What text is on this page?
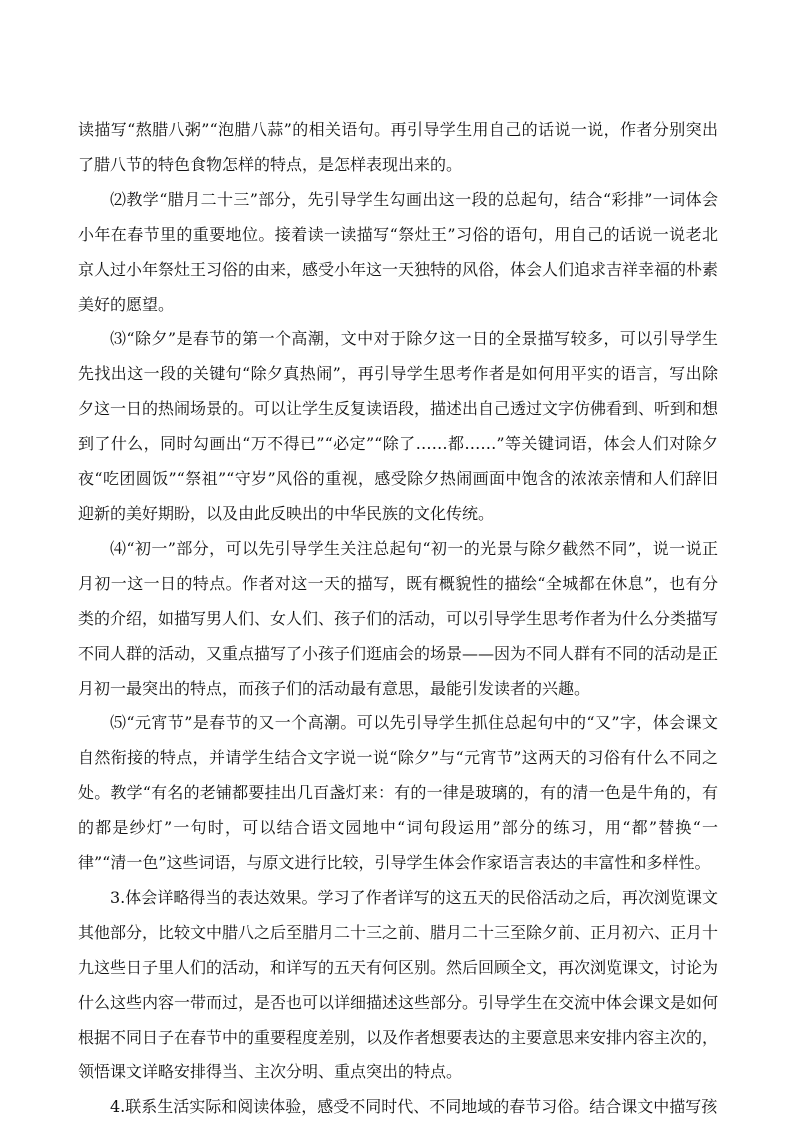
读描写“熬腊八粥”“泡腊八蒜”的相关语句。再引导学生用自己的话说一说，作者分别突出了腊八节的特色食物怎样的特点，是怎样表现出来的。

⑵教学“腊月二十三”部分，先引导学生勾画出这一段的总起句，结合“彩排”一词体会小年在春节里的重要地位。接着读一读描写“祭灶王”习俗的语句，用自己的话说一说老北京人过小年祭灶王习俗的由来，感受小年这一天独特的风俗，体会人们追求吉祥幸福的朴素美好的愿望。

⑶“除夕”是春节的第一个高潮，文中对于除夕这一日的全景描写较多，可以引导学生先找出这一段的关键句“除夕真热闹”，再引导学生思考作者是如何用平实的语言，写出除夕这一日的热闹场景的。可以让学生反复读语段，描述出自己透过文字仿佛看到、听到和想到了什么，同时勾画出“万不得已”“必定”“除了……都……”等关键词语，体会人们对除夕夜“吃团圆饭”“祭祖”“守岁”风俗的重视，感受除夕热闹画面中饱含的浓浓亲情和人们辞旧迎新的美好期盼，以及由此反映出的中华民族的文化传统。

⑷“初一”部分，可以先引导学生关注总起句“初一的光景与除夕截然不同”，说一说正月初一这一日的特点。作者对这一天的描写，既有概貌性的描绘“全城都在休息”，也有分类的介绍，如描写男人们、女人们、孩子们的活动，可以引导学生思考作者为什么分类描写不同人群的活动，又重点描写了小孩子们逛庙会的场景——因为不同人群有不同的活动是正月初一最突出的特点，而孩子们的活动最有意思，最能引发读者的兴趣。

⑸“元宵节”是春节的又一个高潮。可以先引导学生抓住总起句中的“又”字，体会课文自然衔接的特点，并请学生结合文字说一说“除夕”与“元宵节”这两天的习俗有什么不同之处。教学“有名的老铺都要挂出几百盏灯来：有的一律是玻璃的，有的清一色是牛角的，有的都是纱灯”一句时，可以结合语文园地中“词句段运用”部分的练习，用“都”替换“一律”“清一色”这些词语，与原文进行比较，引导学生体会作家语言表达的丰富性和多样性。

3.体会详略得当的表达效果。学习了作者详写的这五天的民俗活动之后，再次浏览课文其他部分，比较文中腊八之后至腊月二十三之前、腊月二十三至除夕前、正月初六、正月十九这些日子里人们的活动，和详写的五天有何区别。然后回顾全文，再次浏览课文，讨论为什么这些内容一带而过，是否也可以详细描述这些部分。引导学生在交流中体会课文是如何根据不同日子在春节中的重要程度差别，以及作者想要表达的主要意思来安排内容主次的，领悟课文详略安排得当、主次分明、重点突出的特点。

4.联系生活实际和阅读体验，感受不同时代、不同地域的春节习俗。结合课文中描写孩
